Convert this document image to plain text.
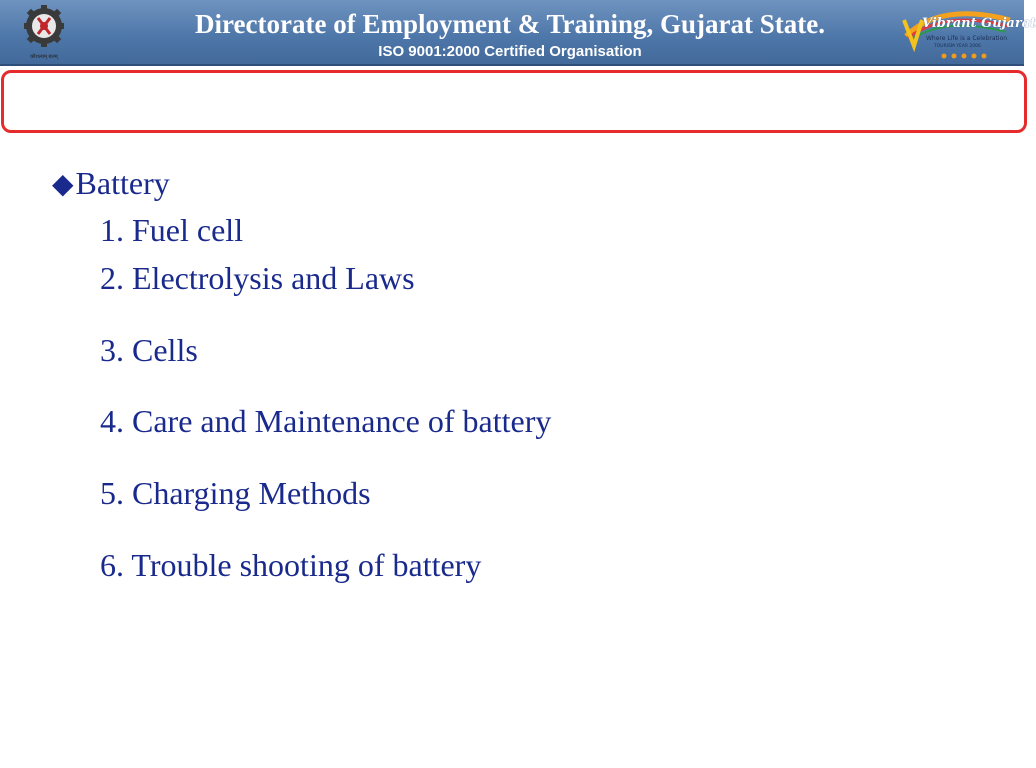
कौशल्यम् बलम्
Directorate of Employment & Training, Gujarat State.
ISO 9001:2000 Certified Organisation
Vibrant Gujarat
Where Life is a Celebration
TOURISM YEAR 2006
◆Battery
1. Fuel cell
2. Electrolysis and Laws
3. Cells
4. Care and Maintenance of battery
5. Charging Methods
6. Trouble shooting of battery
